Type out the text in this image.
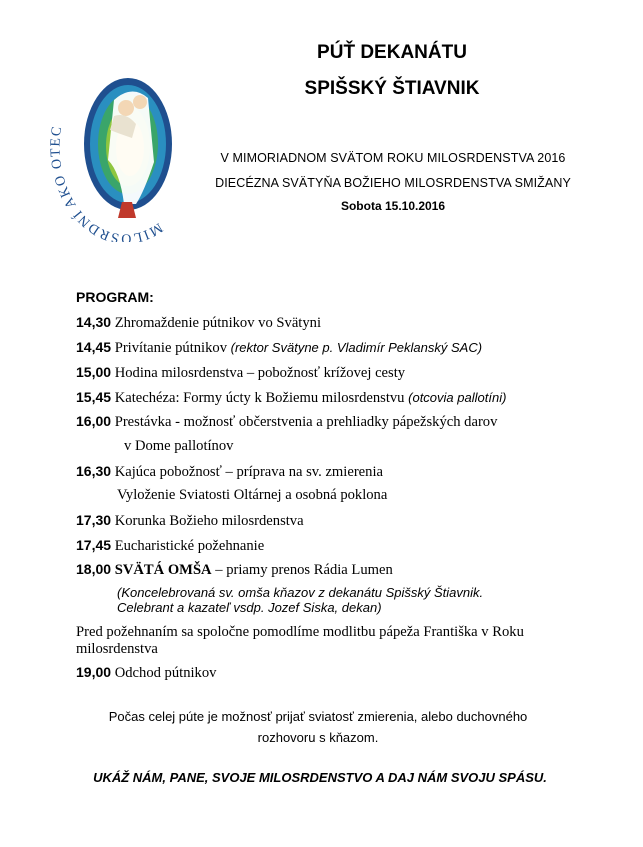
MILOSRDNÍ AKO OTEC
PÚŤ DEKANÁTU
SPIŠSKÝ ŠTIAVNIK
V MIMORIADNOM SVÄTOM ROKU MILOSRDENSTVA 2016
DIECÉZNA SVÄTYŇA BOŽIEHO MILOSRDENSTVA SMIŽANY
Sobota 15.10.2016
PROGRAM:
14,30 Zhromaždenie pútnikov vo Svätyni
14,45 Privítanie pútnikov (rektor Svätyne p. Vladimír Peklanský SAC)
15,00 Hodina milosrdenstva – pobožnosť krížovej cesty
15,45 Katechéza: Formy úcty k Božiemu milosrdenstvu (otcovia pallotíni)
16,00 Prestávka - možnosť občerstvenia a prehliadky pápežských darov
v Dome pallotínov
16,30 Kajúca pobožnosť – príprava na sv. zmierenia
Vyloženie Sviatosti Oltárnej a osobná poklona
17,30 Korunka Božieho milosrdenstva
17,45 Eucharistické požehnanie
18,00 SVÄTÁ OMŠA – priamy prenos Rádia Lumen
(Koncelebrovaná sv. omša kňazov z dekanátu Spišský Štiavnik.
Celebrant a kazateľ vsdp. Jozef Siska, dekan)
Pred požehnaním sa spoločne pomodlíme modlitbu pápeža Františka v Roku
milosrdenstva
19,00 Odchod pútnikov
Počas celej púte je možnosť prijať sviatosť zmierenia, alebo duchovného
rozhovoru s kňazom.
UKÁŽ NÁM, PANE, SVOJE MILOSRDENSTVO A DAJ NÁM SVOJU SPÁSU.
